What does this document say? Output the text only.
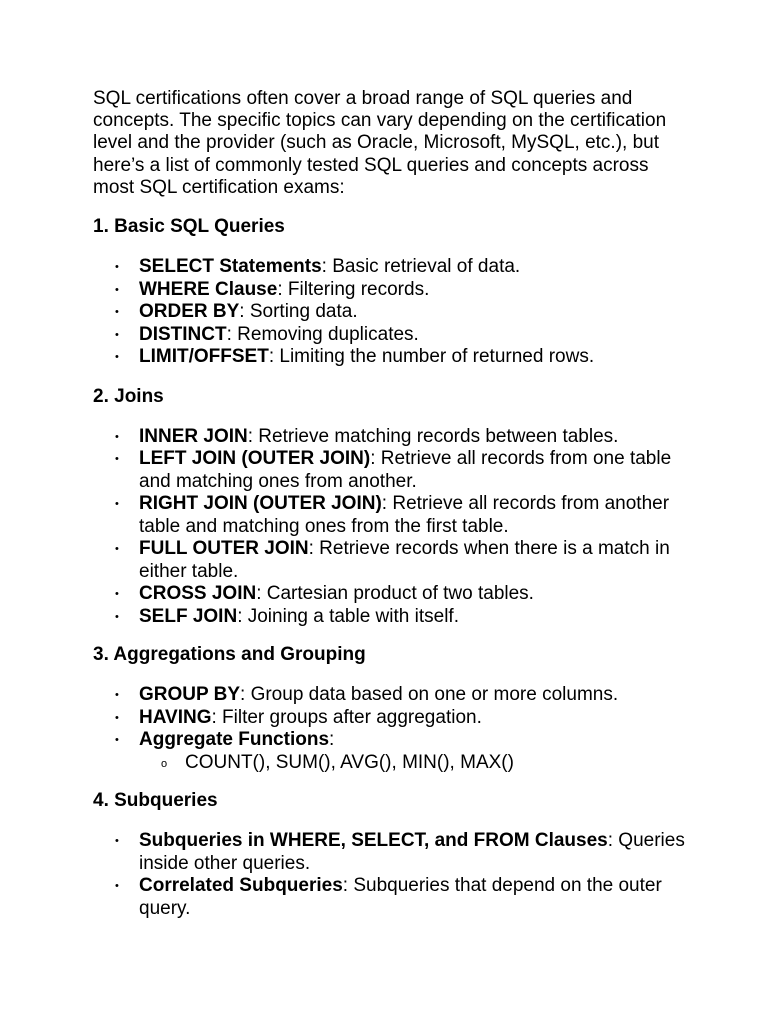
SQL certifications often cover a broad range of SQL queries and concepts. The specific topics can vary depending on the certification level and the provider (such as Oracle, Microsoft, MySQL, etc.), but here’s a list of commonly tested SQL queries and concepts across most SQL certification exams:

1. Basic SQL Queries

• SELECT Statements: Basic retrieval of data.
• WHERE Clause: Filtering records.
• ORDER BY: Sorting data.
• DISTINCT: Removing duplicates.
• LIMIT/OFFSET: Limiting the number of returned rows.

2. Joins

• INNER JOIN: Retrieve matching records between tables.
• LEFT JOIN (OUTER JOIN): Retrieve all records from one table and matching ones from another.
• RIGHT JOIN (OUTER JOIN): Retrieve all records from another table and matching ones from the first table.
• FULL OUTER JOIN: Retrieve records when there is a match in either table.
• CROSS JOIN: Cartesian product of two tables.
• SELF JOIN: Joining a table with itself.

3. Aggregations and Grouping

• GROUP BY: Group data based on one or more columns.
• HAVING: Filter groups after aggregation.
• Aggregate Functions:
o COUNT(), SUM(), AVG(), MIN(), MAX()

4. Subqueries

• Subqueries in WHERE, SELECT, and FROM Clauses: Queries inside other queries.
• Correlated Subqueries: Subqueries that depend on the outer query.
